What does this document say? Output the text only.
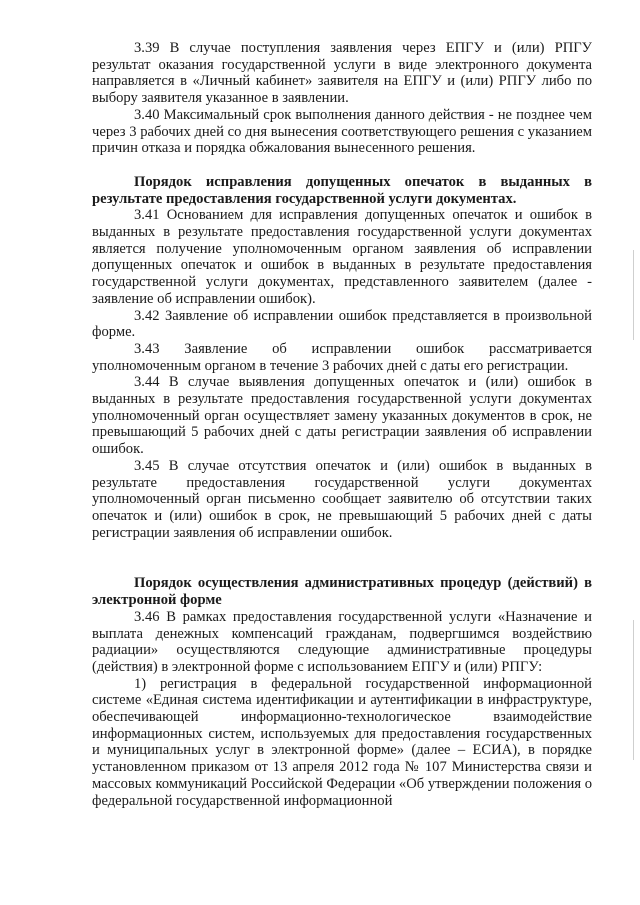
3.39 В случае поступления заявления через ЕПГУ и (или) РПГУ результат оказания государственной услуги в виде электронного документа направляется в «Личный кабинет» заявителя на ЕПГУ и (или) РПГУ либо по выбору заявителя указанное в заявлении.

3.40 Максимальный срок выполнения данного действия - не позднее чем через 3 рабочих дней со дня вынесения соответствующего решения с указанием причин отказа и порядка обжалования вынесенного решения.

Порядок исправления допущенных опечаток в выданных в результате предоставления государственной услуги документах.

3.41 Основанием для исправления допущенных опечаток и ошибок в выданных в результате предоставления государственной услуги документах является получение уполномоченным органом заявления об исправлении допущенных опечаток и ошибок в выданных в результате предоставления государственной услуги документах, представленного заявителем (далее - заявление об исправлении ошибок).

3.42 Заявление об исправлении ошибок представляется в произвольной форме.

3.43 Заявление об исправлении ошибок рассматривается уполномоченным органом в течение 3 рабочих дней с даты его регистрации.

3.44 В случае выявления допущенных опечаток и (или) ошибок в выданных в результате предоставления государственной услуги документах уполномоченный орган осуществляет замену указанных документов в срок, не превышающий 5 рабочих дней с даты регистрации заявления об исправлении ошибок.

3.45 В случае отсутствия опечаток и (или) ошибок в выданных в результате предоставления государственной услуги документах уполномоченный орган письменно сообщает заявителю об отсутствии таких опечаток и (или) ошибок в срок, не превышающий 5 рабочих дней с даты регистрации заявления об исправлении ошибок.

Порядок осуществления административных процедур (действий) в электронной форме

3.46 В рамках предоставления государственной услуги «Назначение и выплата денежных компенсаций гражданам, подвергшимся воздействию радиации» осуществляются следующие административные процедуры (действия) в электронной форме с использованием ЕПГУ и (или) РПГУ:

1) регистрация в федеральной государственной информационной системе «Единая система идентификации и аутентификации в инфраструктуре, обеспечивающей информационно-технологическое взаимодействие информационных систем, используемых для предоставления государственных и муниципальных услуг в электронной форме» (далее – ЕСИА), в порядке установленном приказом от 13 апреля 2012 года № 107 Министерства связи и массовых коммуникаций Российской Федерации «Об утверждении положения о федеральной государственной информационной
